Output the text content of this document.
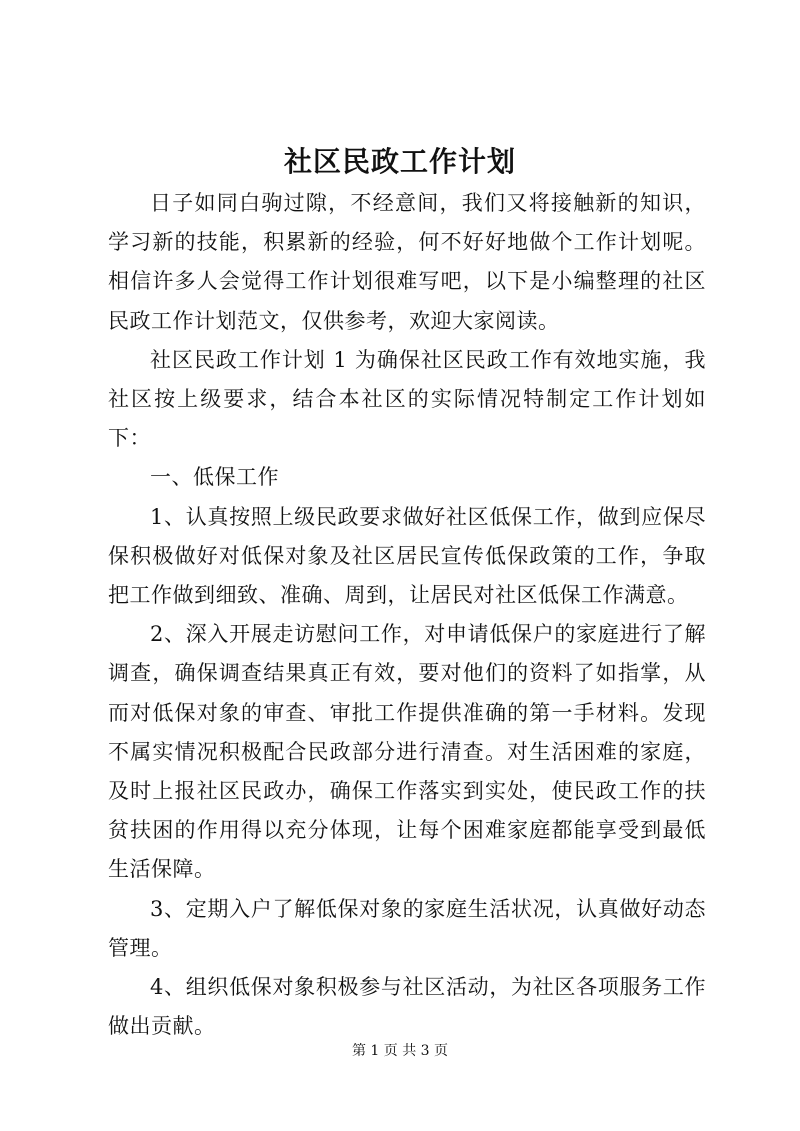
社区民政工作计划

日子如同白驹过隙，不经意间，我们又将接触新的知识，学习新的技能，积累新的经验，何不好好地做个工作计划呢。相信许多人会觉得工作计划很难写吧，以下是小编整理的社区民政工作计划范文，仅供参考，欢迎大家阅读。

社区民政工作计划 1 为确保社区民政工作有效地实施，我社区按上级要求，结合本社区的实际情况特制定工作计划如下：

一、低保工作

1、认真按照上级民政要求做好社区低保工作，做到应保尽保积极做好对低保对象及社区居民宣传低保政策的工作，争取把工作做到细致、准确、周到，让居民对社区低保工作满意。

2、深入开展走访慰问工作，对申请低保户的家庭进行了解调查，确保调查结果真正有效，要对他们的资料了如指掌，从而对低保对象的审查、审批工作提供准确的第一手材料。发现不属实情况积极配合民政部分进行清查。对生活困难的家庭，及时上报社区民政办，确保工作落实到实处，使民政工作的扶贫扶困的作用得以充分体现，让每个困难家庭都能享受到最低生活保障。

3、定期入户了解低保对象的家庭生活状况，认真做好动态管理。

4、组织低保对象积极参与社区活动，为社区各项服务工作做出贡献。

第 1 页 共 3 页
